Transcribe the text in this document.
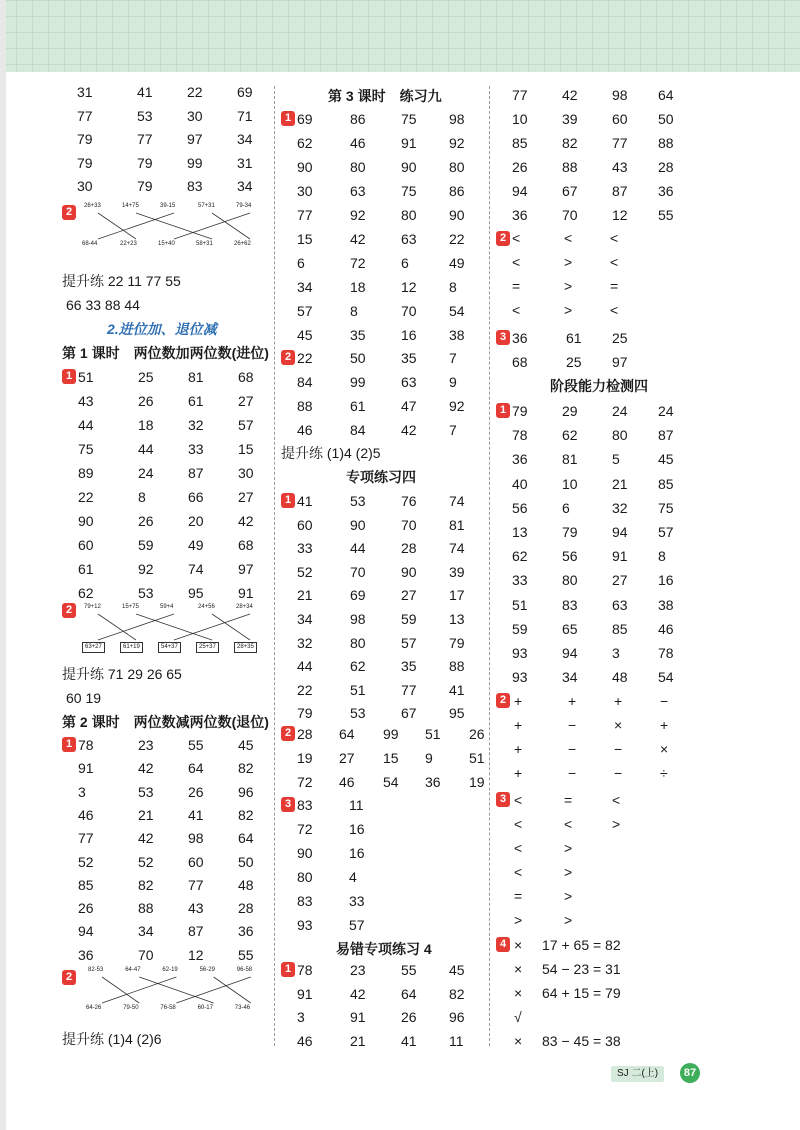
31	41 22 69
77	53 30 71
79	77 97 34
79	79 99 31
30	79 83 34
2	26+33	14+75	39-15	57+31	79-34
68-44	22+23	15+40	58+31	26+62
提升练 22 11 77 55
66 33 88 44
2.进位加、退位减
第 1 课时　两位数加两位数(进位)
1 51	25 81 68
43	26 61 27
44	18 32 57
75	44 33 15
89	24 87 30
22	8	66 27
90	26 20 42
60	59 49 68
61	92 74 97
62	53 95 91
2	79+12	15+75	59+4	24+56	28+34
63+27	61+19	54+37	25+37	28+35
提升练 71 29 26 65
60 19
第 2 课时　两位数减两位数(退位)
1 78	23 55 45
91	42 64 82
3	53 26 96
46	21 41 82
77	42 98 64
52	52 60 50
85	82 77 48
26	88 43 28
94	34 87 36
36	70 12 55
2
82-53	64-47	62-19	56-29	96-58
64-26	79-50	76-58	60-17	73-46
提升练 (1)4 (2)6
第 3 课时　练习九
1 69	86	75 98
62	46	91 92
90	80	90 80
30	63	75 86
77	92	80 90
15	42	63 22
6	72	6	49
34	18	12 8
57	8	70 54
45	35	16 38
2 22	50	35 7
84	99	63 9
88	61	47 92
46	84	42 7
提升练 (1)4 (2)5
专项练习四
1 41	53	76 74
60	90	70 81
33	44	28 74
52	70	90 39
21	69	27 17
34	98	59 13
32	80	57 79
44	62	35 88
22	51	77 41
79	53	67 95
2 28 64 99 51 26
19 27 15 9	51
72 46 54 36 19
3 83	11
72	16
90	16
80	4
83	33
93	57
易错专项练习 4
1 78	23	55 45
91	42	64 82
3	91	26 96
46	21	41 11
77 42 98 64
10 39 60 50
85 82 77 88
26 88 43 28
94 67 87 36
36 70 12 55
2 <	<	<
<	>	<
=	>	=
<	>	<
3 36	61 25
68	25 97
阶段能力检测四
1 79 29 24 24
78 62 80 87
36 81 5	45
40 10 21 85
56 6	32 75
13 79 94 57
62 56 91 8
33 80 27 16
51 83 63 38
59 65 85 46
93 94 3	78
93 34 48 54
2 +	+	+	−
+	−	×	+
+	−	−	×
+	−	−	÷
3 <	=	<
<	<	>
<	>
<	>
=	>
>	>
4 × 17 + 65 = 82
× 54 − 23 = 31
× 64 + 15 = 79
√
× 83 − 45 = 38
SJ 二(上)	87
